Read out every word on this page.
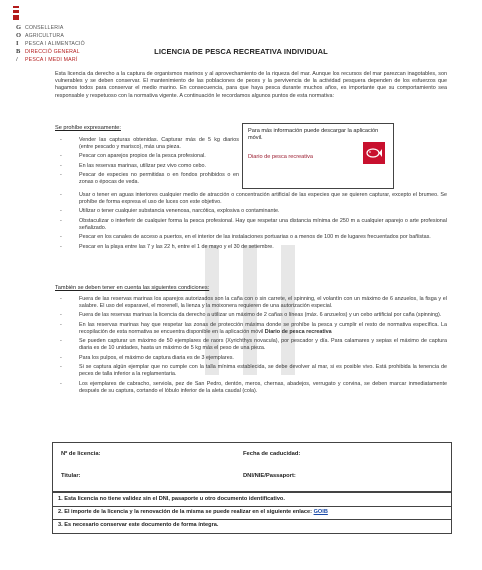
G CONSELLERIA
O AGRICULTURA
I	PESCA I ALIMENTACIÓ
B DIRECCIÓ GENERAL
/	PESCA I MEDI MARÍ
LICENCIA DE PESCA RECREATIVA INDIVIDUAL
Esta licencia da derecho a la captura de organismos marinos y al aprovechamiento de la riqueza del mar. Aunque los recursos del mar parezcan inagotables, son vulnerables y se deben conservar. El mantenimiento de las poblaciones de peces y la pervivencia de la actividad pesquera dependen de los esfuerzos que hagamos todos para conservar el medio marino. En consecuencia, para que haya pesca durante muchos años, es importante que su comportamiento sea responsable y respetuoso con la normativa vigente. A continuación le recordamos algunos puntos de esta normativa:
Se prohíbe expresamente:
-	Vender las capturas obtenidas. Capturar más de 5 kg diarios (entre pescado y marisco), más una pieza.
-	Pescar con aparejos propios de la pesca profesional.
-	En las reservas marinas, utilizar pez vivo como cebo.
-	Pescar de especies no permitidas o en fondos prohibidos o en zonas o épocas de veda.
Para más información puede descargar la aplicación móvil.
Diario de pesca recreativa
-	Usar o tener en aguas interiores cualquier medio de atracción o concentración artificial de las especies que se quieren capturar, excepto el brumeo. Se prohíbe de forma expresa el uso de luces con este objetivo.
-	Utilizar o tener cualquier substancia venenosa, narcótica, explosiva o contaminante.
-	Obstaculizar o interferir de cualquier forma la pesca profesional. Hay que respetar una distancia mínima de 250 m a cualquier aparejo o arte profesional señalizado.
-	Pescar en los canales de acceso a puertos, en el interior de las instalaciones portuarias o a menos de 100 m de lugares frecuentados por bañistas.
-	Pescar en la playa entre las 7 y las 22 h, entre el 1 de mayo y el 30 de setiembre.
También se deben tener en cuenta las siguientes condiciones:
-	Fuera de las reservas marinas los aparejos autorizados son la caña con o sin carrete, el spinning, el volantín con un máximo de 6 anzuelos, la fisga y el salabre. El uso del esparavel, el morenell, la lienza y la moixonera requieren de una autorización especial.
-	Fuera de las reservas marinas la licencia da derecho a utilizar un máximo de 2 cañas o líneas (máx. 6 anzuelos) y un cebo artificial por caña (spinning).
-	En las reservas marinas hay que respetar las zonas de protección máxima donde se prohíbe la pesca y cumplir el resto de normativa específica. La recopilación de esta normativa se encuentra disponible en la aplicación móvil Diario de pesca recreativa
-	Se pueden capturar un máximo de 50 ejemplares de raors (Xyrichthys novacula), por pescador y día. Para calamares y sepias el máximo de captura diaria es de 10 unidades, hasta un máximo de 5 kg más el peso de una pieza.
-	Para los pulpos, el máximo de captura diaria es de 3 ejemplares.
-	Si se captura algún ejemplar que no cumple con la talla mínima establecida, se debe devolver al mar, si es posible vivo. Está prohibida la tenencia de peces de talla inferior a la reglamentaria.
-	Los ejemplares de cabracho, serviola, pez de San Pedro, dentón, meros, chernas, abadejos, verrugato y corvina, se deben marcar inmediatamente después de su captura, cortando el lóbulo inferior de la aleta caudal (cola).
Nº de licencia:	Fecha de caducidad:
Titular:	DNI/NIE/Passaport:
1. Esta licencia no tiene validez sin el DNI, pasaporte u otro documento identificativo.
2. El importe de la licencia y la renovación de la misma se puede realizar en el siguiente enlace: GOIB
3. Es necesario conservar este documento de forma íntegra.
